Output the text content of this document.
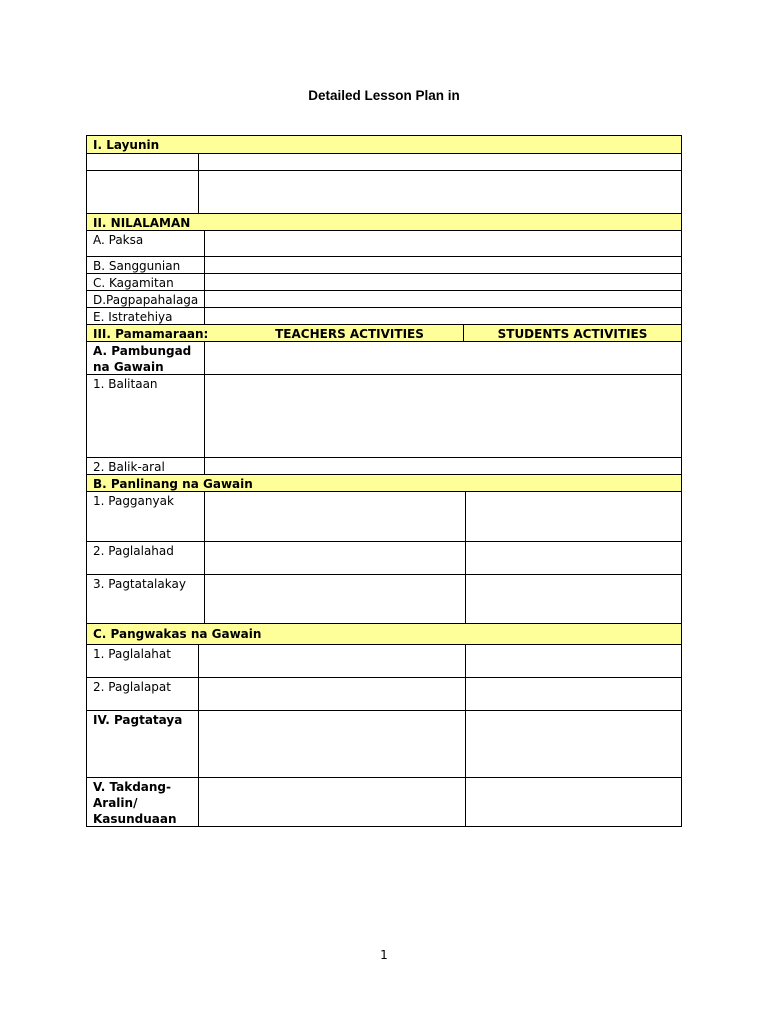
Detailed Lesson Plan in
I. Layunin
II. NILALAMAN
A. Paksa
B. Sanggunian
C. Kagamitan
D.Pagpapahalaga
E. Istratehiya
III. Pamamaraan:	TEACHERS ACTIVITIES	STUDENTS ACTIVITIES
A. Pambungad na Gawain
1. Balitaan
2. Balik-aral
B. Panlinang na Gawain
1. Pagganyak
2. Paglalahad
3. Pagtatalakay
C. Pangwakas na Gawain
1. Paglalahat
2. Paglalapat
IV. Pagtataya
V. Takdang-Aralin/ Kasunduaan
1
